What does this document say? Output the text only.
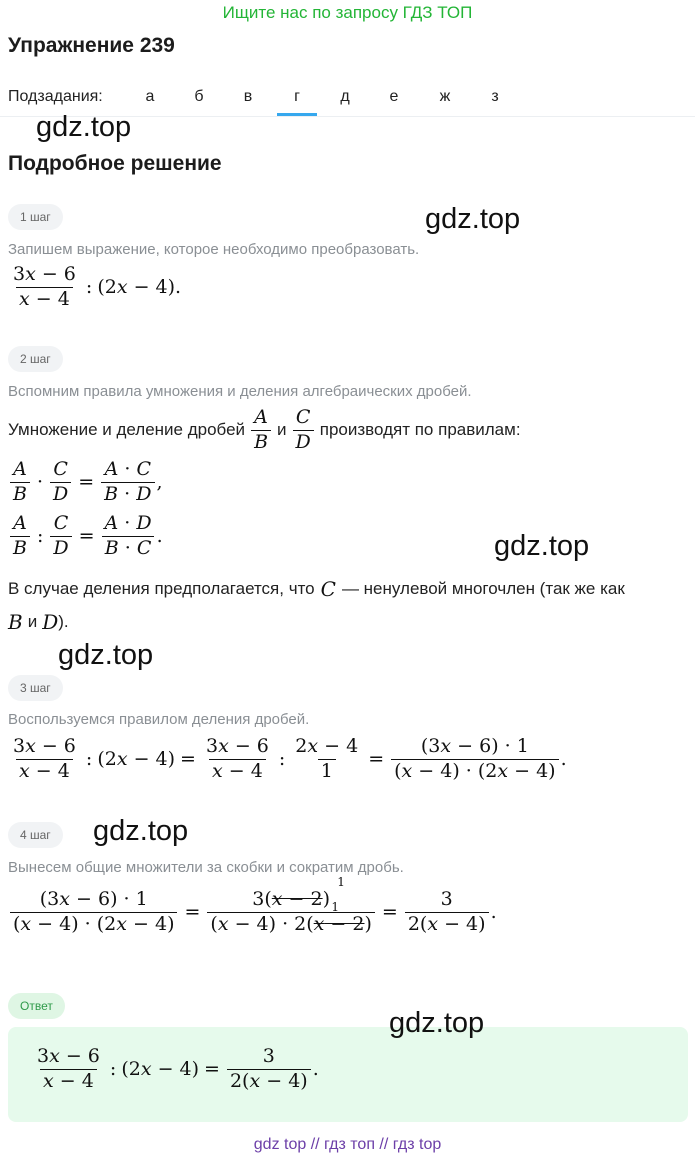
Ищите нас по запросу ГДЗ ТОП
Упражнение 239
Подзадания:	а	б	в	г	д	е	ж	з
gdz.top
Подробное решение
1 шаг	gdz.top
Запишем выражение, которое необходимо преобразовать.
$\frac{3x - 6}{x - 4}$ : (2x − 4).
2 шаг
Вспомним правила умножения и деления алгебраических дробей.
Умножение и деление дробей $\frac{A}{B}$ и $\frac{C}{D}$ производят по правилам:
$\frac{A}{B} \cdot \frac{C}{D} = \frac{A \cdot C}{B \cdot D}$ ,
$\frac{A}{B}$ : $\frac{C}{D} = \frac{A \cdot D}{B \cdot C}$ .	gdz.top
В случае деления предполагается, что C — ненулевой многочлен (так же как
B и D ).
gdz.top
3 шаг
Воспользуемся правилом деления дробей.
$\frac{3x - 6}{x - 4}$ : $(2x - 4) = \frac{3x - 6}{x - 4}$ : $\frac{2x - 4}{1} = \frac{(3x - 6) \cdot 1}{(x - 4) \cdot (2x - 4)}$ .
4 шаг	gdz.top
Вынесем общие множители за скобки и сократим дробь.
$\frac{(3x - 6) \cdot 1}{(x - 4) \cdot (2x - 4)} = 3(x - 2)$
1
(x − 4) · 2(x − 2)
$1 = \frac{3}{2(x - 4)}$ .
Ответ
gdz.top
$\frac{3x - 6}{x - 4}$ : $(2x - 4) = \frac{3}{2(x - 4)}$ .
gdz top // гдз топ // гдз top
